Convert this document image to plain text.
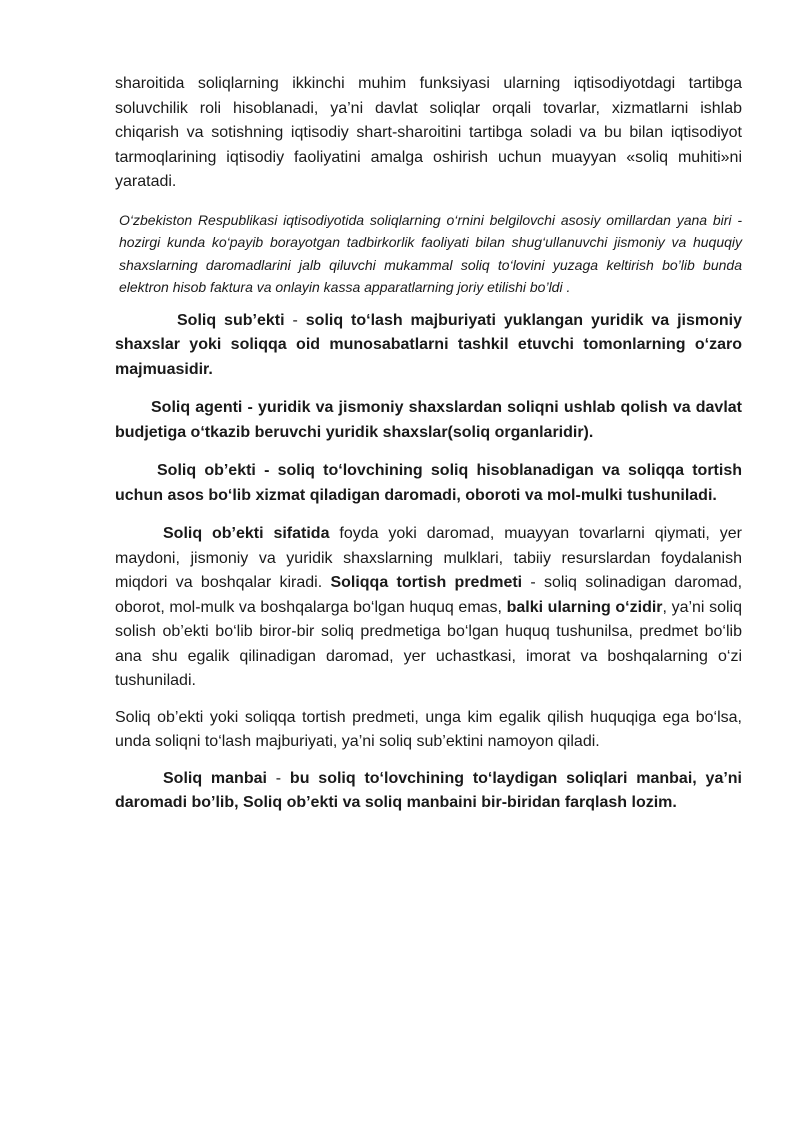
sharoitida soliqlarning ikkinchi muhim funksiyasi ularning iqtisodiyotdagi tartibga soluvchilik roli hisoblanadi, ya’ni davlat soliqlar orqali tovarlar, xizmatlarni ishlab chiqarish va sotishning iqtisodiy shart-sharoitini tartibga soladi va bu bilan iqtisodiyot tarmoqlarining iqtisodiy faoliyatini amalga oshirish uchun muayyan «soliq muhiti»ni yaratadi.

O‘zbekiston Respublikasi iqtisodiyotida soliqlarning o‘rnini belgilovchi asosiy omillardan yana biri - hozirgi kunda ko‘payib borayotgan tadbirkorlik faoliyati bilan shug‘ullanuvchi jismoniy va huquqiy shaxslarning daromadlarini jalb qiluvchi mukammal soliq to‘lovini yuzaga keltirish bo’lib bunda elektron hisob faktura va onlayin kassa apparatlarning joriy etilishi bo’ldi .

Soliq sub’ekti - soliq to‘lash majburiyati yuklangan yuridik va jismoniy shaxslar yoki soliqqa oid munosabatlarni tashkil etuvchi tomonlarning o‘zaro majmuasidir.

Soliq agenti - yuridik va jismoniy shaxslardan soliqni ushlab qolish va davlat budjetiga o‘tkazib beruvchi yuridik shaxslar(soliq organlaridir).

Soliq ob’ekti - soliq to‘lovchining soliq hisoblanadigan va soliqqa tortish uchun asos bo‘lib xizmat qiladigan daromadi, oboroti va mol-mulki tushuniladi.

Soliq ob’ekti sifatida foyda yoki daromad, muayyan tovarlarni qiymati, yer maydoni, jismoniy va yuridik shaxslarning mulklari, tabiiy resurslardan foydalanish miqdori va boshqalar kiradi. Soliqqa tortish predmeti - soliq solinadigan daromad, oborot, mol-mulk va boshqalarga bo‘lgan huquq emas, balki ularning o‘zidir, ya’ni soliq solish ob’ekti bo‘lib biror-bir soliq predmetiga bo‘lgan huquq tushunilsa, predmet bo‘lib ana shu egalik qilinadigan daromad, yer uchastkasi, imorat va boshqalarning o‘zi tushuniladi.

Soliq ob’ekti yoki soliqqa tortish predmeti, unga kim egalik qilish huquqiga ega bo‘lsa, unda soliqni to‘lash majburiyati, ya’ni soliq sub’ektini namoyon qiladi.

Soliq manbai - bu soliq to‘lovchining to‘laydigan soliqlari manbai, ya’ni daromadi bo’lib, Soliq ob’ekti va soliq manbaini bir-biridan farqlash lozim.
